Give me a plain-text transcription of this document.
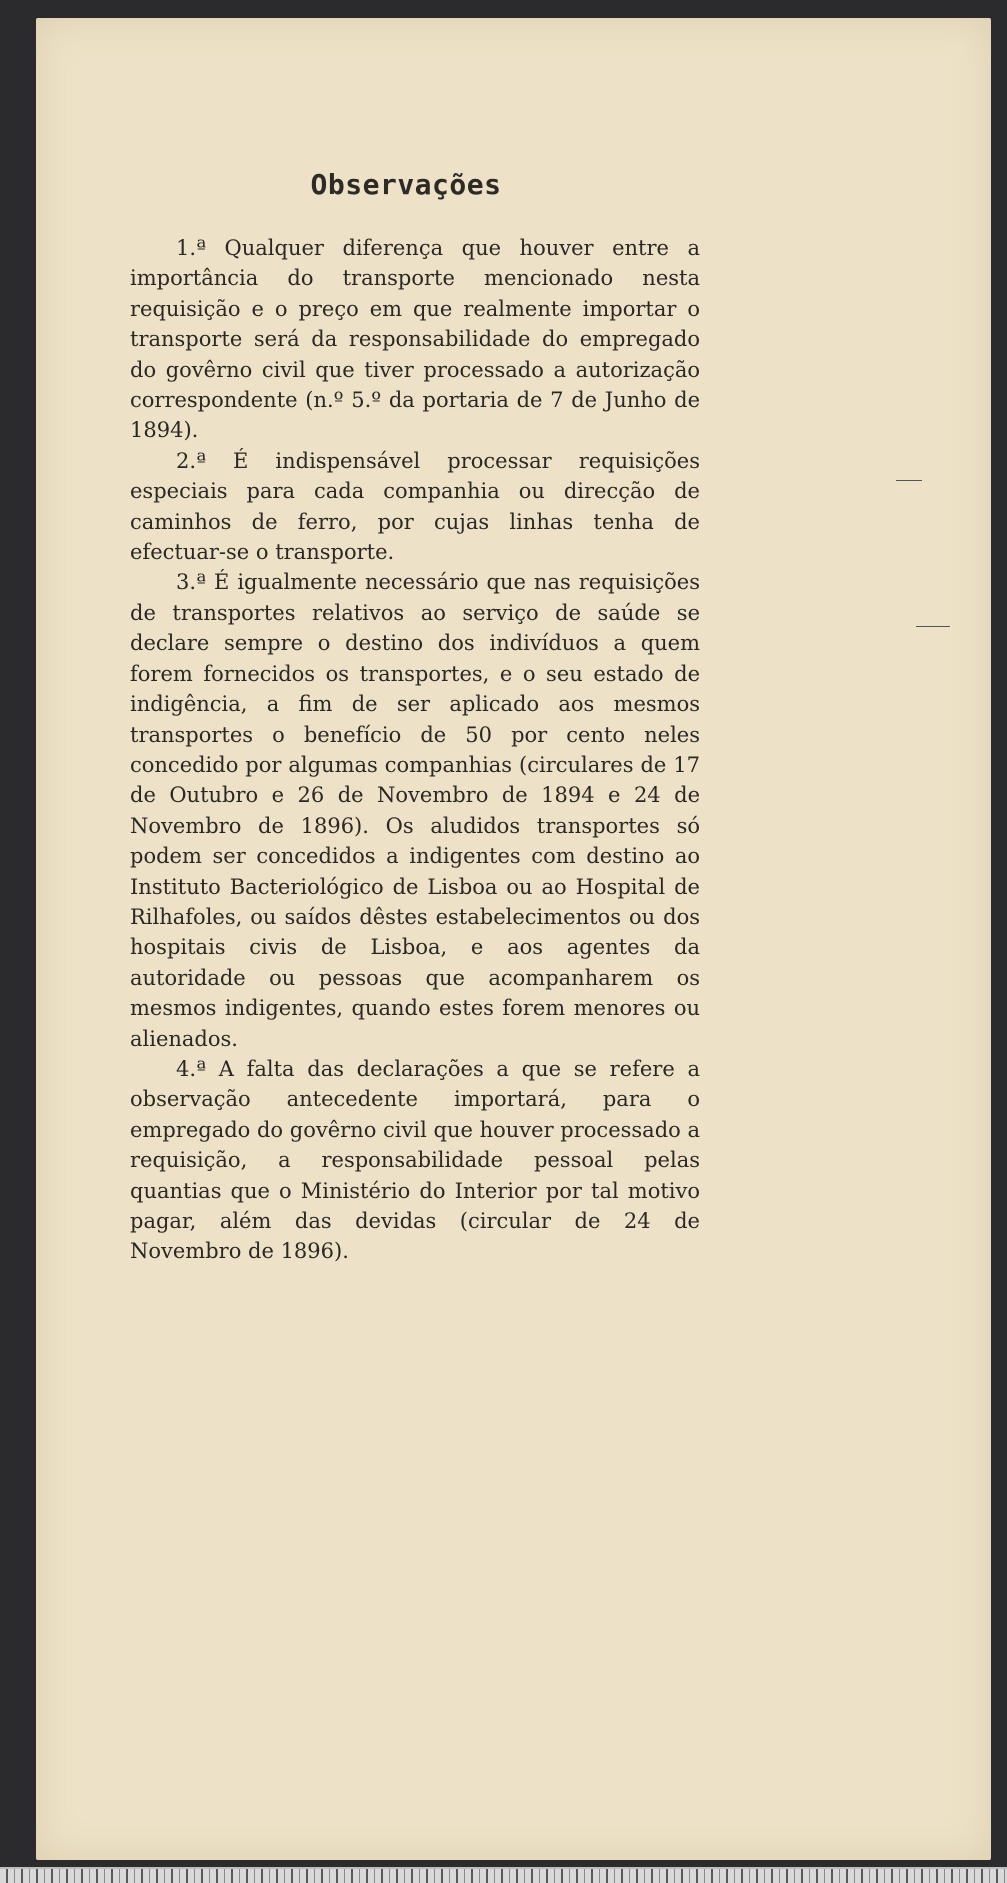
Observações

1.ª Qualquer diferença que houver entre a importância do transporte mencionado nesta requisição e o preço em que realmente importar o transporte será da responsabilidade do empregado do govêrno civil que tiver processado a autorização correspondente (n.º 5.º da portaria de 7 de Junho de 1894).

2.ª É indispensável processar requisições especiais para cada companhia ou direcção de caminhos de ferro, por cujas linhas tenha de efectuar-se o transporte.

3.ª É igualmente necessário que nas requisições de transportes relativos ao serviço de saúde se declare sempre o destino dos indivíduos a quem forem fornecidos os transportes, e o seu estado de indigência, a fim de ser aplicado aos mesmos transportes o benefício de 50 por cento neles concedido por algumas companhias (circulares de 17 de Outubro e 26 de Novembro de 1894 e 24 de Novembro de 1896). Os aludidos transportes só podem ser concedidos a indigentes com destino ao Instituto Bacteriológico de Lisboa ou ao Hospital de Rilhafoles, ou saídos dêstes estabelecimentos ou dos hospitais civis de Lisboa, e aos agentes da autoridade ou pessoas que acompanharem os mesmos indigentes, quando estes forem menores ou alienados.

4.ª A falta das declarações a que se refere a observação antecedente importará, para o empregado do govêrno civil que houver processado a requisição, a responsabilidade pessoal pelas quantias que o Ministério do Interior por tal motivo pagar, além das devidas (circular de 24 de Novembro de 1896).
